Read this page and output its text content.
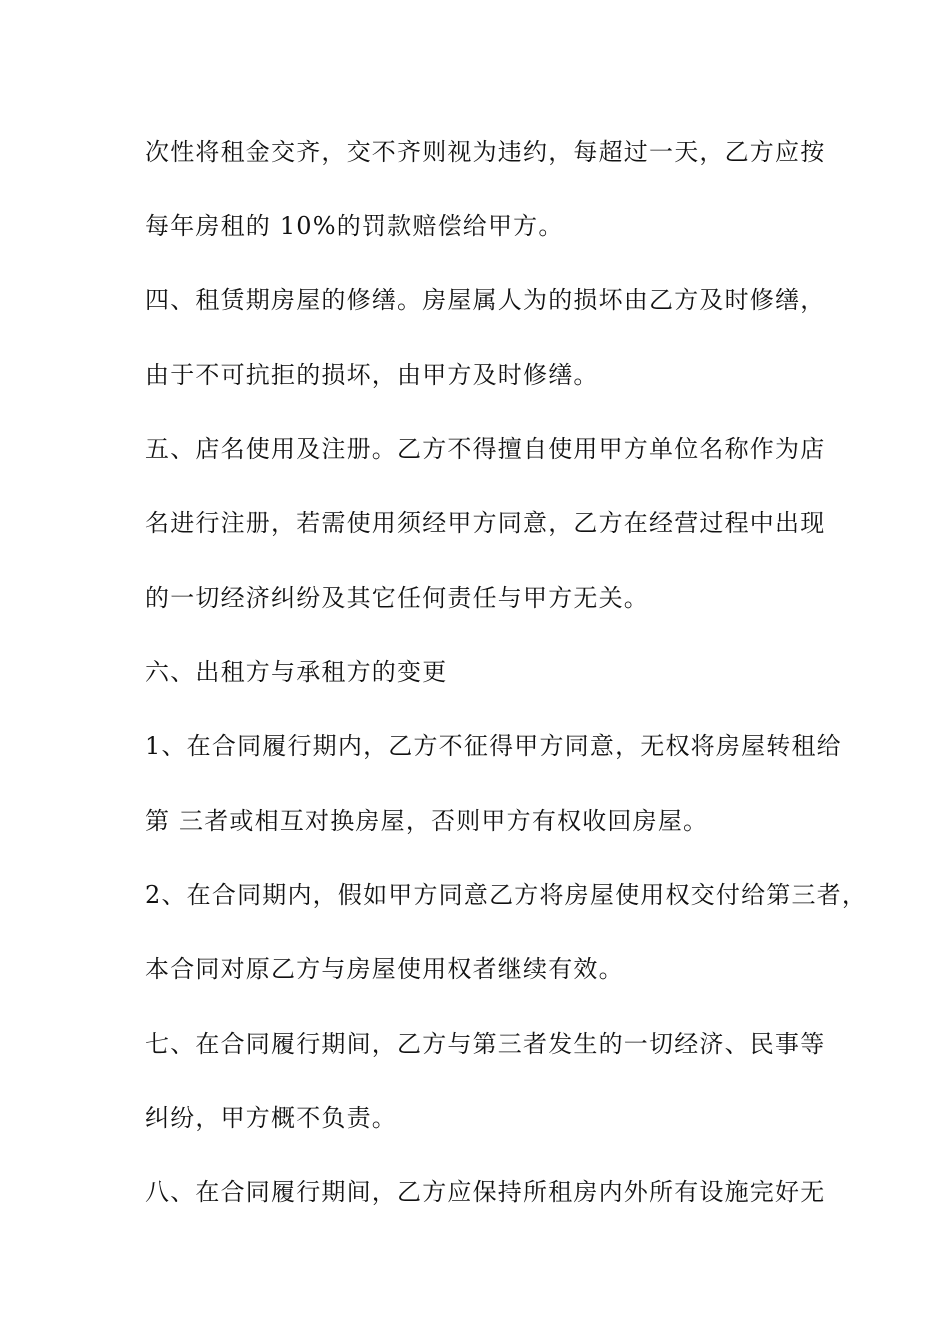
次性将租金交齐，交不齐则视为违约，每超过一天，乙方应按
每年房租的 10%的罚款赔偿给甲方。
四、租赁期房屋的修缮。房屋属人为的损坏由乙方及时修缮，
由于不可抗拒的损坏，由甲方及时修缮。
五、店名使用及注册。乙方不得擅自使用甲方单位名称作为店
名进行注册，若需使用须经甲方同意，乙方在经营过程中出现
的一切经济纠纷及其它任何责任与甲方无关。
六、出租方与承租方的变更
1、在合同履行期内，乙方不征得甲方同意，无权将房屋转租给
第 三者或相互对换房屋，否则甲方有权收回房屋。
2、在合同期内，假如甲方同意乙方将房屋使用权交付给第三者，
本合同对原乙方与房屋使用权者继续有效。
七、在合同履行期间，乙方与第三者发生的一切经济、民事等
纠纷，甲方概不负责。
八、在合同履行期间，乙方应保持所租房内外所有设施完好无
